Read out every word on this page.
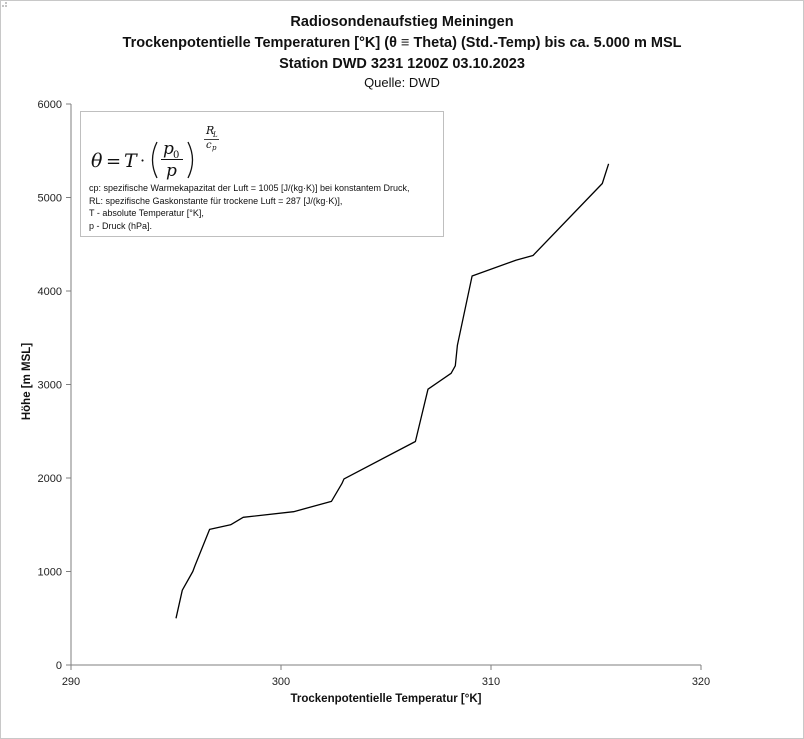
Radiosondenaufstieg Meiningen
Trockenpotentielle Temperaturen [°K] (θ ≡ Theta) (Std.-Temp) bis ca. 5.000 m MSL
Station DWD 3231 1200Z 03.10.2023
Quelle: DWD
290	300	310	320
0
1000
2000
3000
4000
5000
6000
Trockenpotentielle Temperatur [°K]
Höhe [m MSL]
θ = T ·
p 0
p
R
L
c p
cp: spezifische Warmekapazitat der Luft = 1005 [J/(kg·K)] bei konstantem Druck,
RL: spezifische Gaskonstante für trockene Luft = 287 [J/(kg·K)],
T - absolute Temperatur [°K],
p - Druck (hPa].
